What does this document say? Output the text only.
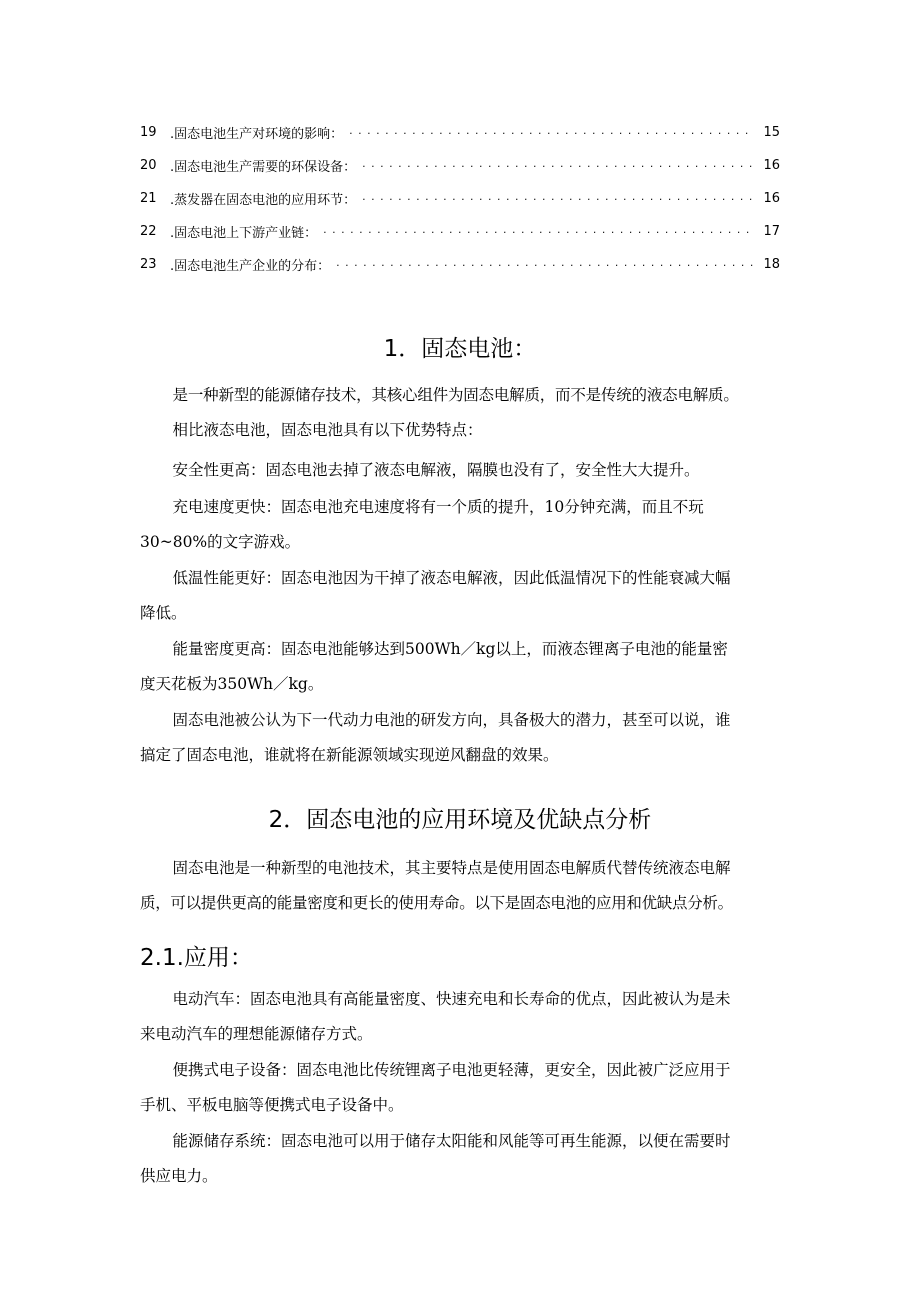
19	.固态电池生产对环境的影响： . . .	15
20	.固态电池生产需要的环保设备： . . .	16
21	.蒸发器在固态电池的应用环节： . . .	16
22	.固态电池上下游产业链： . . .	17
23	.固态电池生产企业的分布： . . .	18
1．固态电池：

是一种新型的能源储存技术，其核心组件为固态电解质，而不是传统的液态电解质。
相比液态电池，固态电池具有以下优势特点：

安全性更高：固态电池去掉了液态电解液，隔膜也没有了，安全性大大提升。

充电速度更快：固态电池充电速度将有一个质的提升，10分钟充满，而且不玩
30~80%的文字游戏。

低温性能更好：固态电池因为干掉了液态电解液，因此低温情况下的性能衰减大幅
降低。

能量密度更高：固态电池能够达到500Wh／kg以上，而液态锂离子电池的能量密
度天花板为350Wh／kg。

固态电池被公认为下一代动力电池的研发方向，具备极大的潜力，甚至可以说，谁
搞定了固态电池，谁就将在新能源领域实现逆风翻盘的效果。

2．固态电池的应用环境及优缺点分析

固态电池是一种新型的电池技术，其主要特点是使用固态电解质代替传统液态电解
质，可以提供更高的能量密度和更长的使用寿命。以下是固态电池的应用和优缺点分析。

2.1.应用：

电动汽车：固态电池具有高能量密度、快速充电和长寿命的优点，因此被认为是未
来电动汽车的理想能源储存方式。

便携式电子设备：固态电池比传统锂离子电池更轻薄，更安全，因此被广泛应用于
手机、平板电脑等便携式电子设备中。

能源储存系统：固态电池可以用于储存太阳能和风能等可再生能源，以便在需要时
供应电力。
